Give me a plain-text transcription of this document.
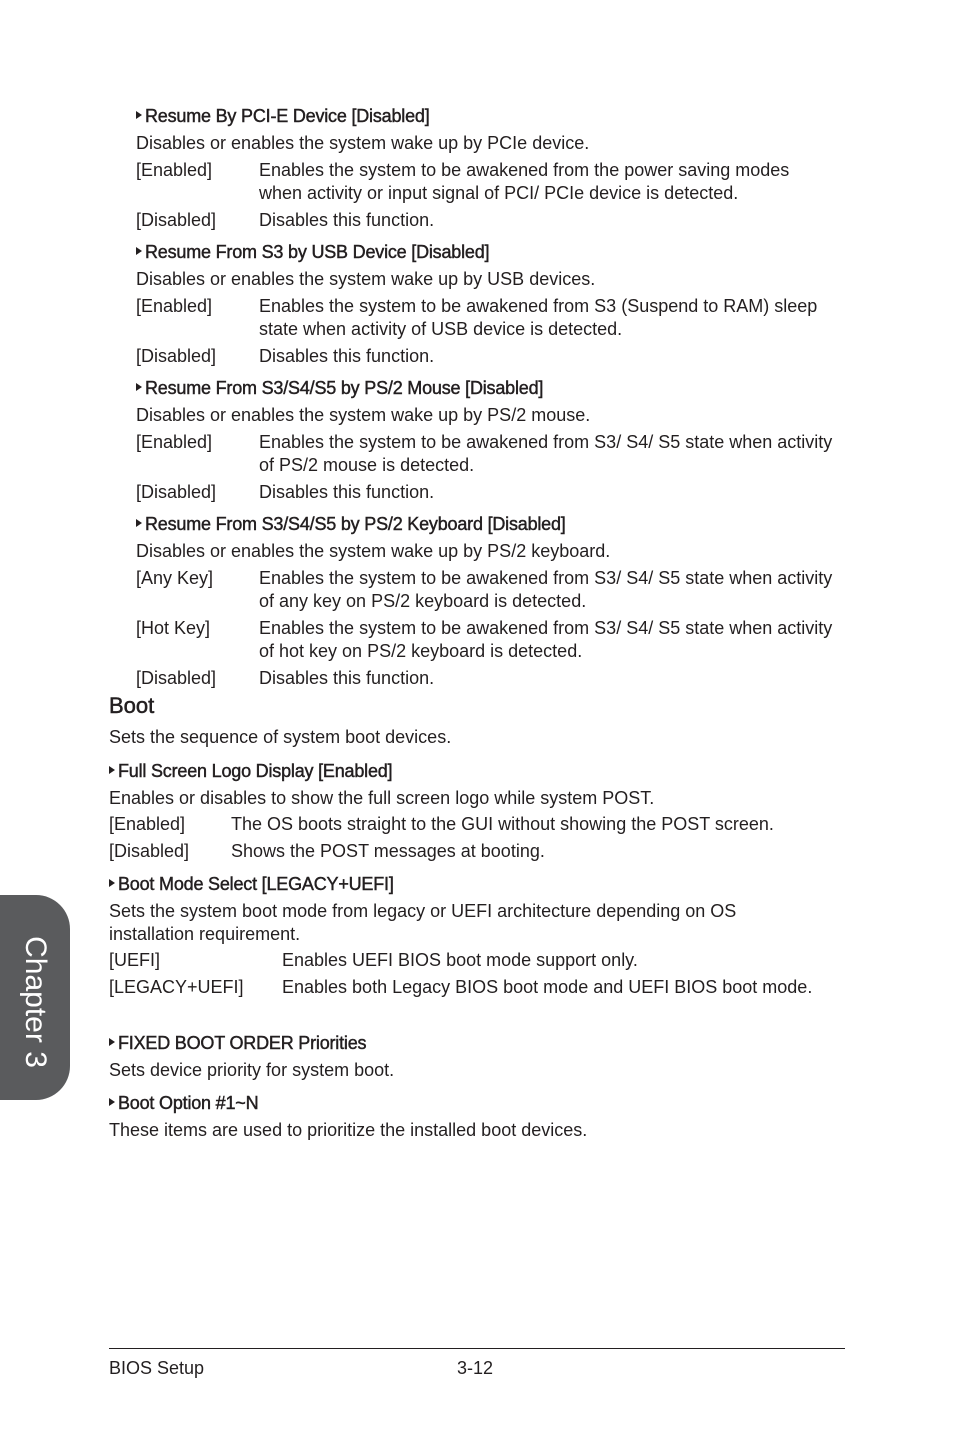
Resume By PCI-E Device [Disabled]

Disables or enables the system wake up by PCIe device.

[Enabled]	Enables the system to be awakened from the power saving modes when activity or input signal of PCI/ PCIe device is detected.
[Disabled]	Disables this function.

Resume From S3 by USB Device [Disabled]

Disables or enables the system wake up by USB devices.

[Enabled]	Enables the system to be awakened from S3 (Suspend to RAM) sleep state when activity of USB device is detected.
[Disabled]	Disables this function.

Resume From S3/S4/S5 by PS/2 Mouse [Disabled]

Disables or enables the system wake up by PS/2 mouse.

[Enabled]	Enables the system to be awakened from S3/ S4/ S5 state when activity of PS/2 mouse is detected.
[Disabled]	Disables this function.

Resume From S3/S4/S5 by PS/2 Keyboard [Disabled]

Disables or enables the system wake up by PS/2 keyboard.

[Any Key]	Enables the system to be awakened from S3/ S4/ S5 state when activity of any key on PS/2 keyboard is detected.
[Hot Key]	Enables the system to be awakened from S3/ S4/ S5 state when activity of hot key on PS/2 keyboard is detected.
[Disabled]	Disables this function.

Boot

Sets the sequence of system boot devices.

Full Screen Logo Display [Enabled]

Enables or disables to show the full screen logo while system POST.

[Enabled]	The OS boots straight to the GUI without showing the POST screen.
[Disabled]	Shows the POST messages at booting.

Boot Mode Select [LEGACY+UEFI]

Sets the system boot mode from legacy or UEFI architecture depending on OS installation requirement.

[UEFI]	Enables UEFI BIOS boot mode support only.
[LEGACY+UEFI]	Enables both Legacy BIOS boot mode and UEFI BIOS boot mode.

FIXED BOOT ORDER Priorities

Sets device priority for system boot.

Boot Option #1~N

These items are used to prioritize the installed boot devices.

Chapter 3
BIOS Setup	3-12
